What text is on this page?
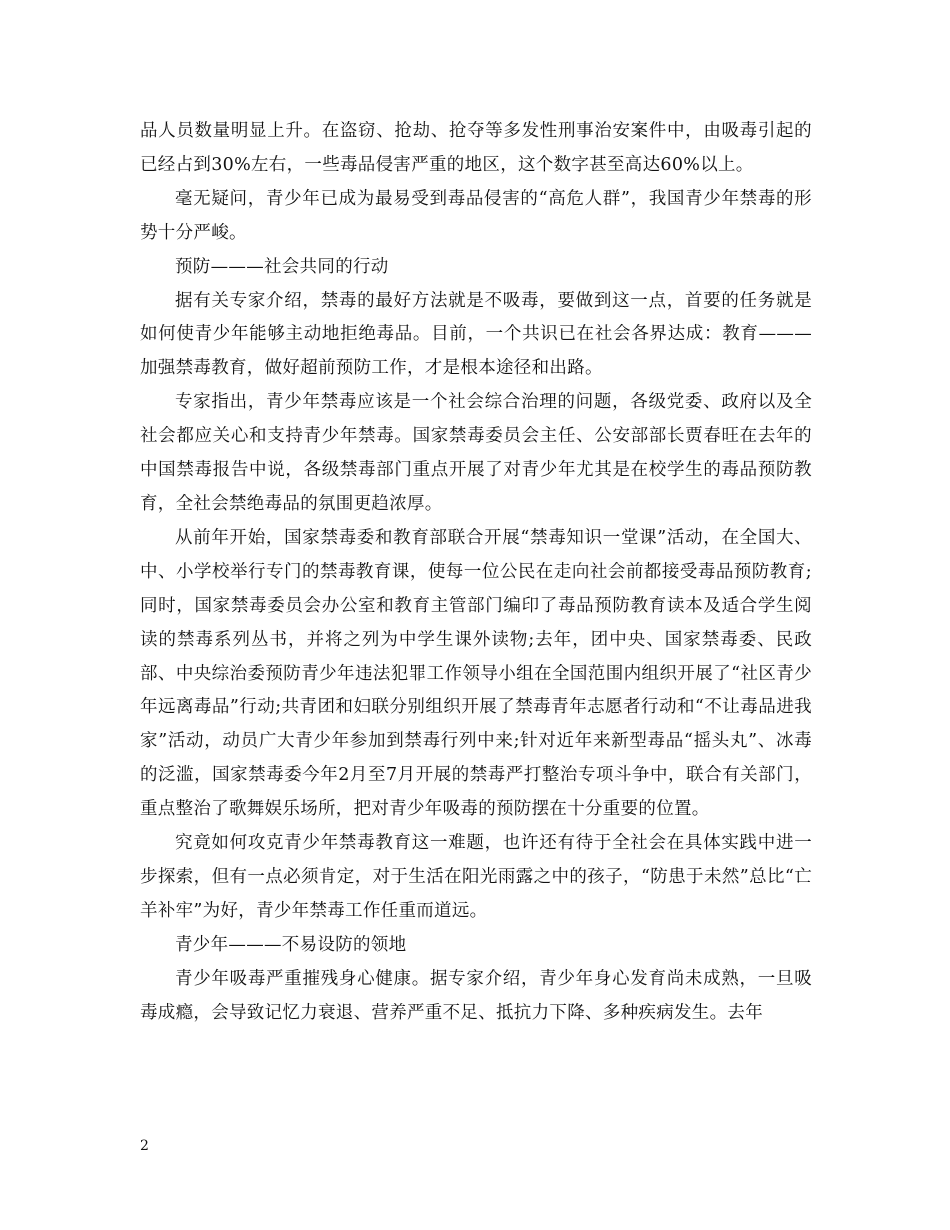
品人员数量明显上升。在盗窃、抢劫、抢夺等多发性刑事治安案件中，由吸毒引起的已经占到30%左右，一些毒品侵害严重的地区，这个数字甚至高达60%以上。

毫无疑问，青少年已成为最易受到毒品侵害的“高危人群”，我国青少年禁毒的形势十分严峻。

预防———社会共同的行动

据有关专家介绍，禁毒的最好方法就是不吸毒，要做到这一点，首要的任务就是如何使青少年能够主动地拒绝毒品。目前，一个共识已在社会各界达成：教育———加强禁毒教育，做好超前预防工作，才是根本途径和出路。

专家指出，青少年禁毒应该是一个社会综合治理的问题，各级党委、政府以及全社会都应关心和支持青少年禁毒。国家禁毒委员会主任、公安部部长贾春旺在去年的中国禁毒报告中说，各级禁毒部门重点开展了对青少年尤其是在校学生的毒品预防教育，全社会禁绝毒品的氛围更趋浓厚。

从前年开始，国家禁毒委和教育部联合开展“禁毒知识一堂课”活动，在全国大、中、小学校举行专门的禁毒教育课，使每一位公民在走向社会前都接受毒品预防教育;同时，国家禁毒委员会办公室和教育主管部门编印了毒品预防教育读本及适合学生阅读的禁毒系列丛书，并将之列为中学生课外读物;去年，团中央、国家禁毒委、民政部、中央综治委预防青少年违法犯罪工作领导小组在全国范围内组织开展了“社区青少年远离毒品”行动;共青团和妇联分别组织开展了禁毒青年志愿者行动和“不让毒品进我家”活动，动员广大青少年参加到禁毒行列中来;针对近年来新型毒品“摇头丸”、冰毒的泛滥，国家禁毒委今年2月至7月开展的禁毒严打整治专项斗争中，联合有关部门，重点整治了歌舞娱乐场所，把对青少年吸毒的预防摆在十分重要的位置。

究竟如何攻克青少年禁毒教育这一难题，也许还有待于全社会在具体实践中进一步探索，但有一点必须肯定，对于生活在阳光雨露之中的孩子，“防患于未然”总比“亡羊补牢”为好，青少年禁毒工作任重而道远。

青少年———不易设防的领地

青少年吸毒严重摧残身心健康。据专家介绍，青少年身心发育尚未成熟，一旦吸毒成瘾，会导致记忆力衰退、营养严重不足、抵抗力下降、多种疾病发生。去年

2
